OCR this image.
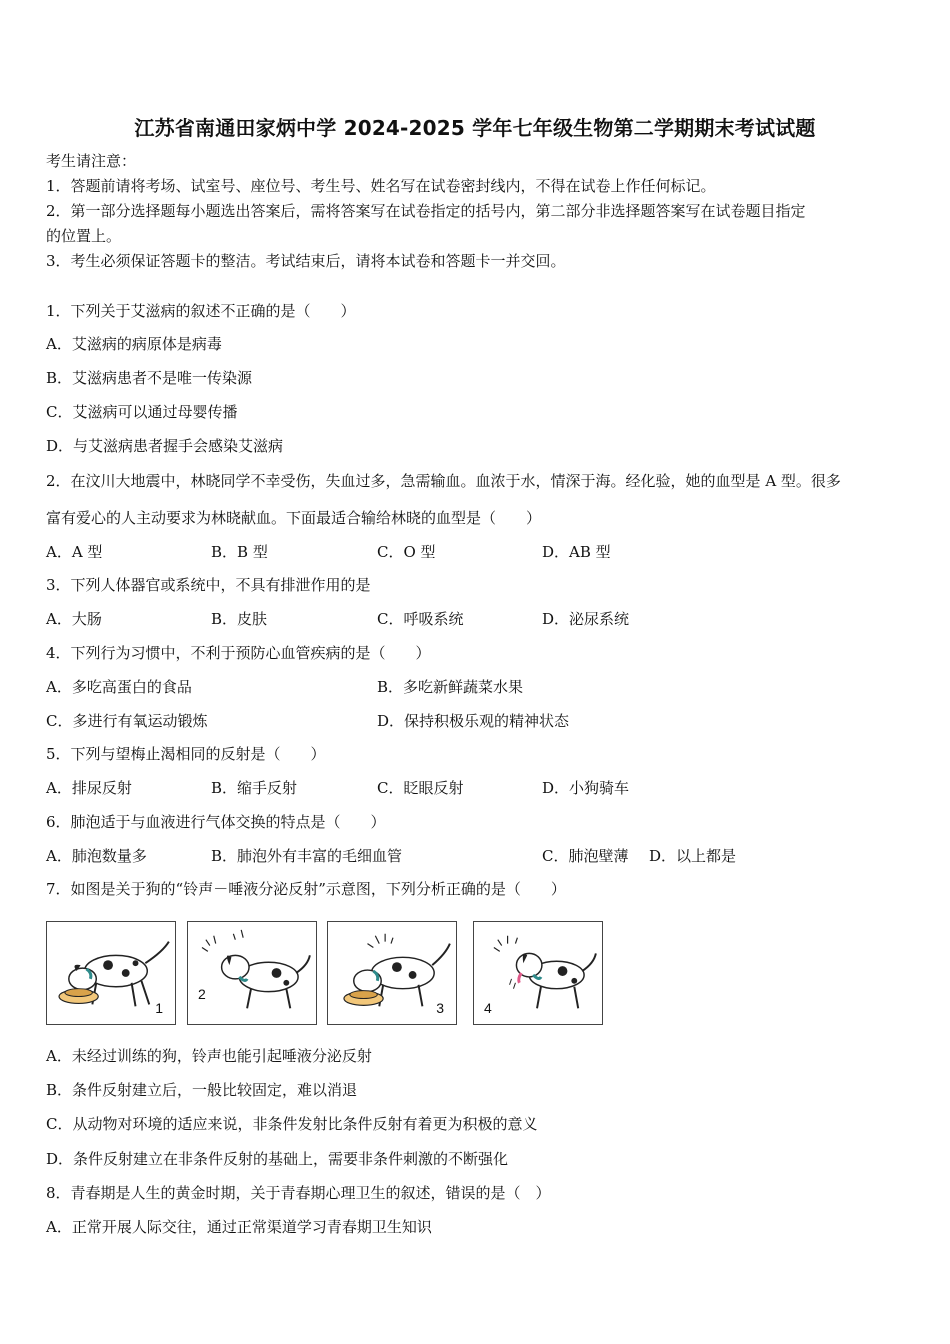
江苏省南通田家炳中学 2024-2025 学年七年级生物第二学期期末考试试题
考生请注意：
1．答题前请将考场、试室号、座位号、考生号、姓名写在试卷密封线内，不得在试卷上作任何标记。
2．第一部分选择题每小题选出答案后，需将答案写在试卷指定的括号内，第二部分非选择题答案写在试卷题目指定
的位置上。
3．考生必须保证答题卡的整洁。考试结束后，请将本试卷和答题卡一并交回。
1．下列关于艾滋病的叙述不正确的是（　　）
A．艾滋病的病原体是病毒
B．艾滋病患者不是唯一传染源
C．艾滋病可以通过母婴传播
D．与艾滋病患者握手会感染艾滋病
2．在汶川大地震中，林晓同学不幸受伤，失血过多，急需输血。血浓于水，情深于海。经化验，她的血型是 A 型。很多
富有爱心的人主动要求为林晓献血。下面最适合输给林晓的血型是（　　）
A．A 型	B．B 型	C．O 型	D．AB 型
3．下列人体器官或系统中，不具有排泄作用的是
A．大肠	B．皮肤	C．呼吸系统	D．泌尿系统
4．下列行为习惯中，不利于预防心血管疾病的是（　　）
A．多吃高蛋白的食品	B．多吃新鲜蔬菜水果
C．多进行有氧运动锻炼	D．保持积极乐观的精神状态
5．下列与望梅止渴相同的反射是（　　）
A．排尿反射	B．缩手反射	C．眨眼反射	D．小狗骑车
6．肺泡适于与血液进行气体交换的特点是（　　）
A．肺泡数量多	B．肺泡外有丰富的毛细血管	C．肺泡壁薄 D．以上都是
7．如图是关于狗的“铃声－唾液分泌反射”示意图，下列分析正确的是（　　）
1
2
3	4
A．未经过训练的狗，铃声也能引起唾液分泌反射
B．条件反射建立后，一般比较固定，难以消退
C．从动物对环境的适应来说，非条件发射比条件反射有着更为积极的意义
D．条件反射建立在非条件反射的基础上，需要非条件刺激的不断强化
8．青春期是人生的黄金时期，关于青春期心理卫生的叙述，错误的是（　）
A．正常开展人际交往，通过正常渠道学习青春期卫生知识
